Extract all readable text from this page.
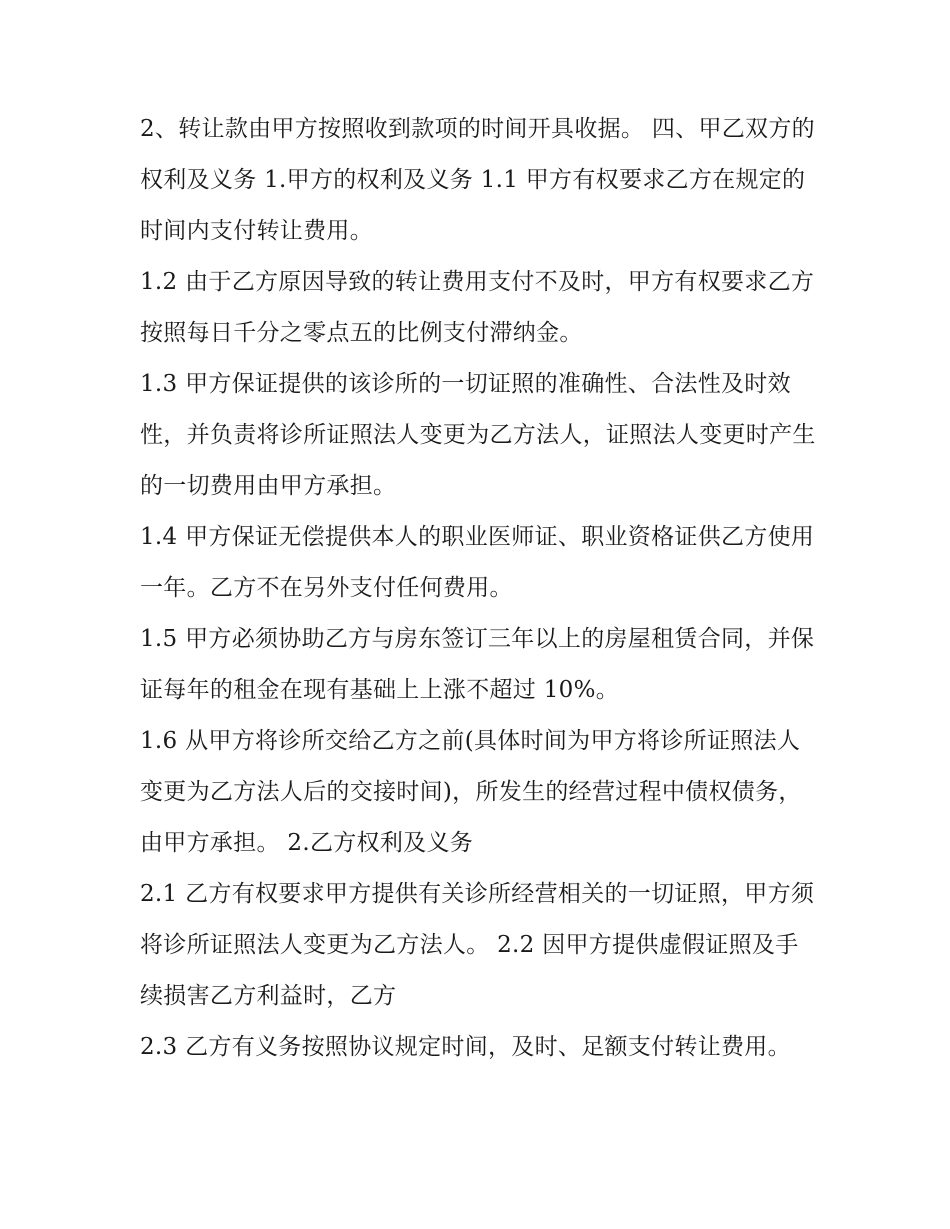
2、转让款由甲方按照收到款项的时间开具收据。 四、甲乙双方的权利及义务 1.甲方的权利及义务 1.1 甲方有权要求乙方在规定的时间内支付转让费用。

1.2 由于乙方原因导致的转让费用支付不及时，甲方有权要求乙方按照每日千分之零点五的比例支付滞纳金。

1.3 甲方保证提供的该诊所的一切证照的准确性、合法性及时效性，并负责将诊所证照法人变更为乙方法人，证照法人变更时产生的一切费用由甲方承担。

1.4 甲方保证无偿提供本人的职业医师证、职业资格证供乙方使用一年。乙方不在另外支付任何费用。

1.5 甲方必须协助乙方与房东签订三年以上的房屋租赁合同，并保证每年的租金在现有基础上上涨不超过 10%。

1.6 从甲方将诊所交给乙方之前(具体时间为甲方将诊所证照法人变更为乙方法人后的交接时间)，所发生的经营过程中债权债务，由甲方承担。 2.乙方权利及义务

2.1 乙方有权要求甲方提供有关诊所经营相关的一切证照，甲方须将诊所证照法人变更为乙方法人。 2.2 因甲方提供虚假证照及手续损害乙方利益时，乙方

2.3 乙方有义务按照协议规定时间，及时、足额支付转让费用。
